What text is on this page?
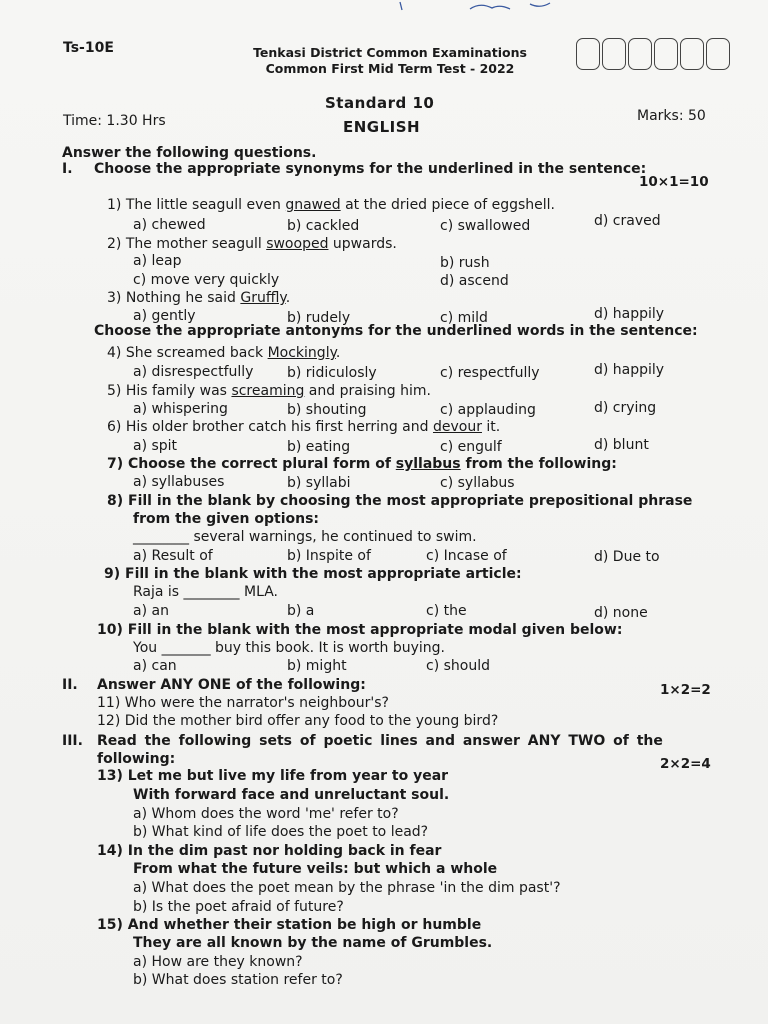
Ts-10E	Tenkasi District Common Examinations
Common First Mid Term Test - 2022
Standard 10
ENGLISH
Time: 1.30 Hrs	Marks: 50
Answer the following questions.
I. Choose the appropriate synonyms for the underlined in the sentence:
10×1=10
1) The little seagull even gnawed at the dried piece of eggshell.
a) chewed	b) cackled	c) swallowed	d) craved
2) The mother seagull swooped upwards.
a) leap	b) rush
c) move very quickly	d) ascend
3) Nothing he said Gruffly.
a) gently	b) rudely	c) mild	d) happily
Choose the appropriate antonyms for the underlined words in the sentence:
4) She screamed back Mockingly.
a) disrespectfully b) ridiculosly	c) respectfully	d) happily
5) His family was screaming and praising him.
a) whispering	b) shouting	c) applauding	d) crying
6) His older brother catch his first herring and devour it.
a) spit	b) eating	c) engulf	d) blunt
7) Choose the correct plural form of syllabus from the following:
a) syllabuses	b) syllabi	c) syllabus
8) Fill in the blank by choosing the most appropriate prepositional phrase
from the given options:
________ several warnings, he continued to swim.
a) Result of	b) Inspite of	c) Incase of	d) Due to
9) Fill in the blank with the most appropriate article:
Raja is ________ MLA.
a) an	b) a	c) the	d) none
10) Fill in the blank with the most appropriate modal given below:
You _______ buy this book. It is worth buying.
a) can	b) might	c) should
II. Answer ANY ONE of the following:	1×2=2
11) Who were the narrator's neighbour's?
12) Did the mother bird offer any food to the young bird?
III. Read the following sets of poetic lines and answer ANY TWO of the
following:	2×2=4
13) Let me but live my life from year to year
With forward face and unreluctant soul.
a) Whom does the word 'me' refer to?
b) What kind of life does the poet to lead?
14) In the dim past nor holding back in fear
From what the future veils: but which a whole
a) What does the poet mean by the phrase 'in the dim past'?
b) Is the poet afraid of future?
15) And whether their station be high or humble
They are all known by the name of Grumbles.
a) How are they known?
b) What does station refer to?
